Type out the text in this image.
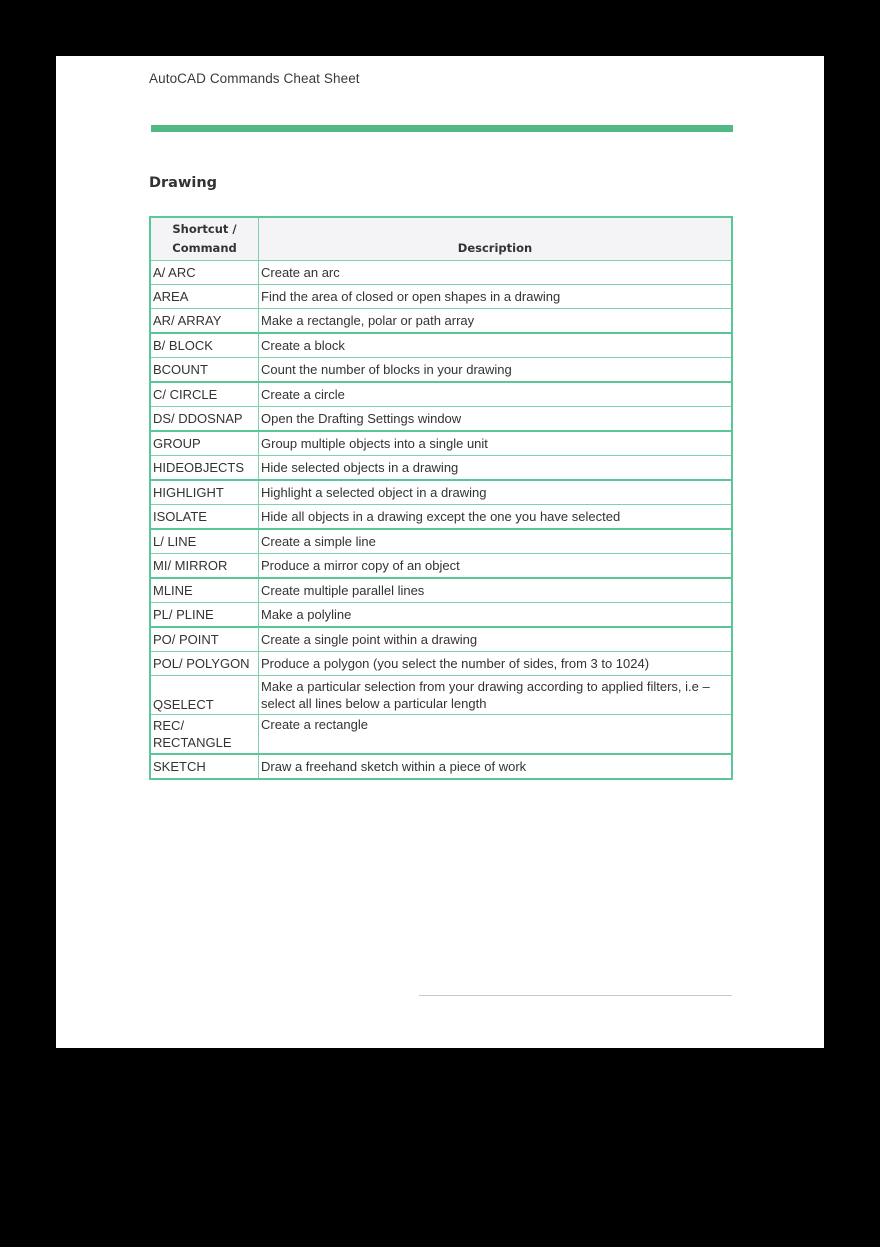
AutoCAD Commands Cheat Sheet
Drawing
Shortcut / Command	Description
A/ ARC	Create an arc
AREA	Find the area of closed or open shapes in a drawing
AR/ ARRAY	Make a rectangle, polar or path array
B/ BLOCK	Create a block
BCOUNT	Count the number of blocks in your drawing
C/ CIRCLE	Create a circle
DS/ DDOSNAP	Open the Drafting Settings window
GROUP	Group multiple objects into a single unit
HIDEOBJECTS	Hide selected objects in a drawing
HIGHLIGHT	Highlight a selected object in a drawing
ISOLATE	Hide all objects in a drawing except the one you have selected
L/ LINE	Create a simple line
MI/ MIRROR	Produce a mirror copy of an object
MLINE	Create multiple parallel lines
PL/ PLINE	Make a polyline
PO/ POINT	Create a single point within a drawing
POL/ POLYGON	Produce a polygon (you select the number of sides, from 3 to 1024)
QSELECT	Make a particular selection from your drawing according to applied filters, i.e – select all lines below a particular length
REC/ RECTANGLE	Create a rectangle
SKETCH	Draw a freehand sketch within a piece of work
